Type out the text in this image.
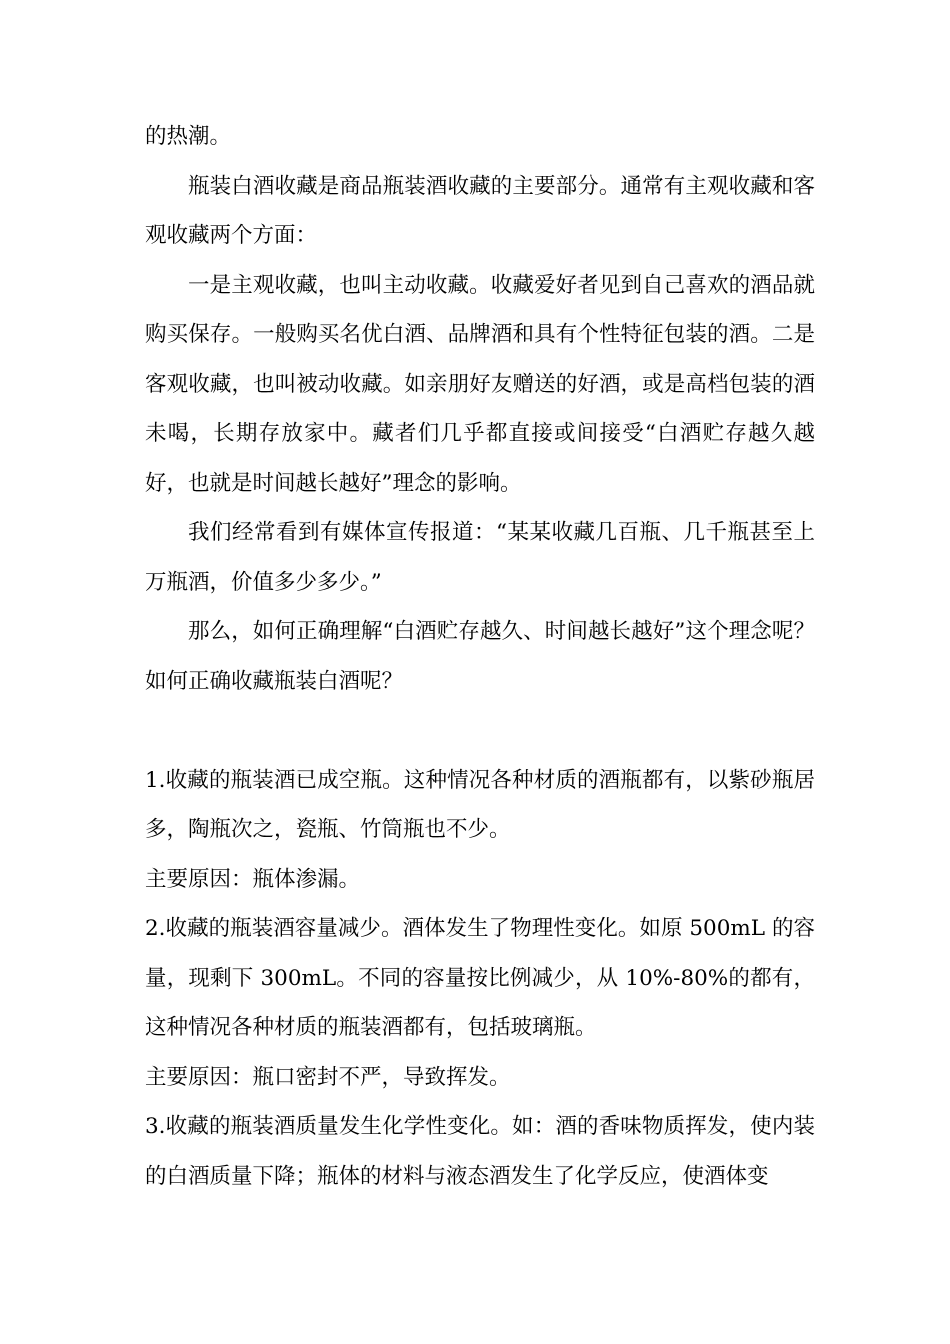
的热潮。

瓶装白酒收藏是商品瓶装酒收藏的主要部分。通常有主观收藏和客观收藏两个方面：

一是主观收藏，也叫主动收藏。收藏爱好者见到自己喜欢的酒品就购买保存。一般购买名优白酒、品牌酒和具有个性特征包装的酒。二是客观收藏，也叫被动收藏。如亲朋好友赠送的好酒，或是高档包装的酒未喝，长期存放家中。藏者们几乎都直接或间接受“白酒贮存越久越好，也就是时间越长越好”理念的影响。

我们经常看到有媒体宣传报道：“某某收藏几百瓶、几千瓶甚至上万瓶酒，价值多少多少。”

那么，如何正确理解“白酒贮存越久、时间越长越好”这个理念呢？如何正确收藏瓶装白酒呢？

1.收藏的瓶装酒已成空瓶。这种情况各种材质的酒瓶都有，以紫砂瓶居多，陶瓶次之，瓷瓶、竹筒瓶也不少。

主要原因：瓶体渗漏。

2.收藏的瓶装酒容量减少。酒体发生了物理性变化。如原 500mL 的容量，现剩下 300mL。不同的容量按比例减少，从 10%-80%的都有，这种情况各种材质的瓶装酒都有，包括玻璃瓶。

主要原因：瓶口密封不严，导致挥发。

3.收藏的瓶装酒质量发生化学性变化。如：酒的香味物质挥发，使内装的白酒质量下降；瓶体的材料与液态酒发生了化学反应，使酒体变
